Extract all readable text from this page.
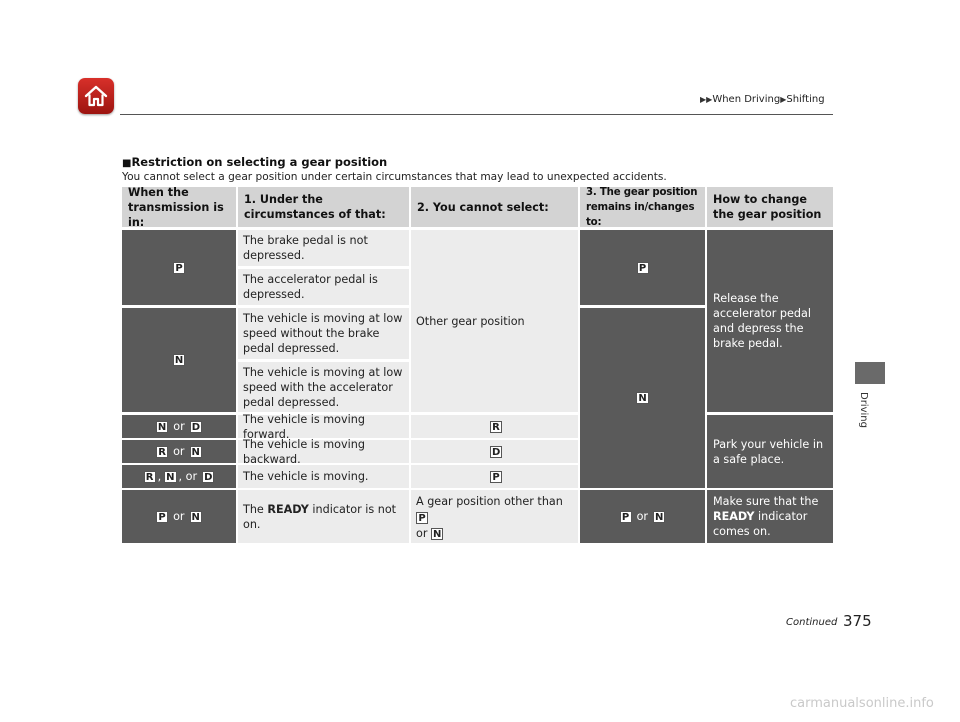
▶▶When Driving▶Shifting
Driving
■Restriction on selecting a gear position
You cannot select a gear position under certain circumstances that may lead to unexpected accidents.
When the transmission is in:
1. Under the circumstances of that:
2. You cannot select:
3. The gear position remains in/changes to:
How to change the gear position
P
N
N or D
R or N
R , N , or D
P or N
The brake pedal is not depressed.
The accelerator pedal is depressed.
The vehicle is moving at low speed without the brake pedal depressed.
The vehicle is moving at low speed with the accelerator pedal depressed.
The vehicle is moving forward.
The vehicle is moving backward.
The vehicle is moving.
The READY indicator is not on.
Other gear position
R
D
P
A gear position other than P
or N
P
N
P or N
Release the accelerator pedal and depress the brake pedal.
Park your vehicle in a safe place.
Make sure that the READY indicator comes on.
Continued 375
carmanualsonline.info
